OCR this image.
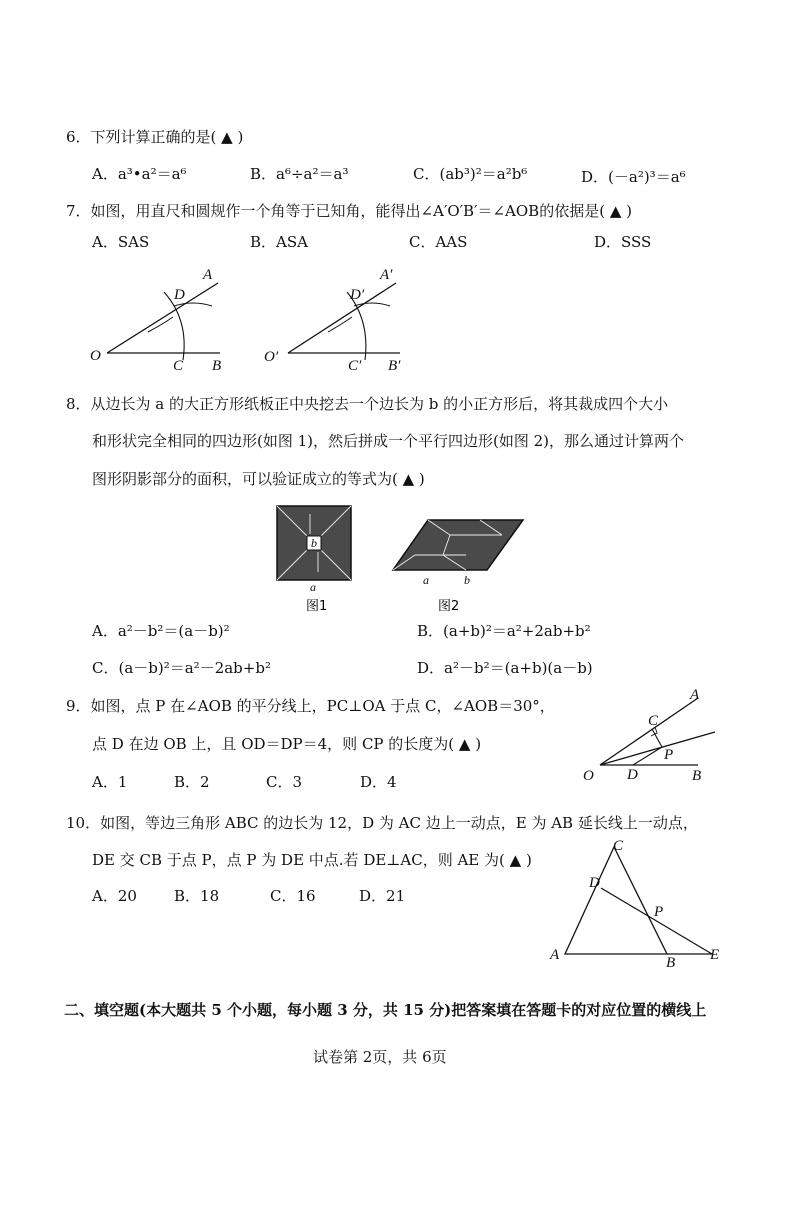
6．下列计算正确的是( ▲ )
A．a³•a²＝a⁶	B．a⁶÷a²＝a³	C．(ab³)²＝a²b⁶	D．(－a²)³＝a⁶
7．如图，用直尺和圆规作一个角等于已知角，能得出∠A′O′B′＝∠AOB的依据是( ▲ )
A．SAS	B．ASA	C．AAS	D．SSS
O
A
D
C B
O′
A′
D′
C′ B′
8．从边长为 a 的大正方形纸板正中央挖去一个边长为 b 的小正方形后，将其裁成四个大小
和形状完全相同的四边形(如图 1)，然后拼成一个平行四边形(如图 2)，那么通过计算两个
图形阴影部分的面积，可以验证成立的等式为( ▲ )
b
a
图1
a	b
图2
A．a²－b²＝(a－b)²	B．(a+b)²＝a²+2ab+b²
C．(a－b)²＝a²－2ab+b²	D．a²－b²＝(a+b)(a－b)
9．如图，点 P 在∠AOB 的平分线上，PC⊥OA 于点 C，∠AOB＝30°，
点 D 在边 OB 上，且 OD＝DP＝4，则 CP 的长度为( ▲ )
A．1	B．2	C．3	D．4
A
C
P
O D	B
10．如图，等边三角形 ABC 的边长为 12，D 为 AC 边上一动点，E 为 AB 延长线上一动点，
DE 交 CB 于点 P，点 P 为 DE 中点.若 DE⊥AC，则 AE 为( ▲ )
A．20 B．18	C．16	D．21
C
D
P
A	B E
二、填空题(本大题共 5 个小题，每小题 3 分，共 15 分)把答案填在答题卡的对应位置的横线上
试卷第 2页，共 6页
